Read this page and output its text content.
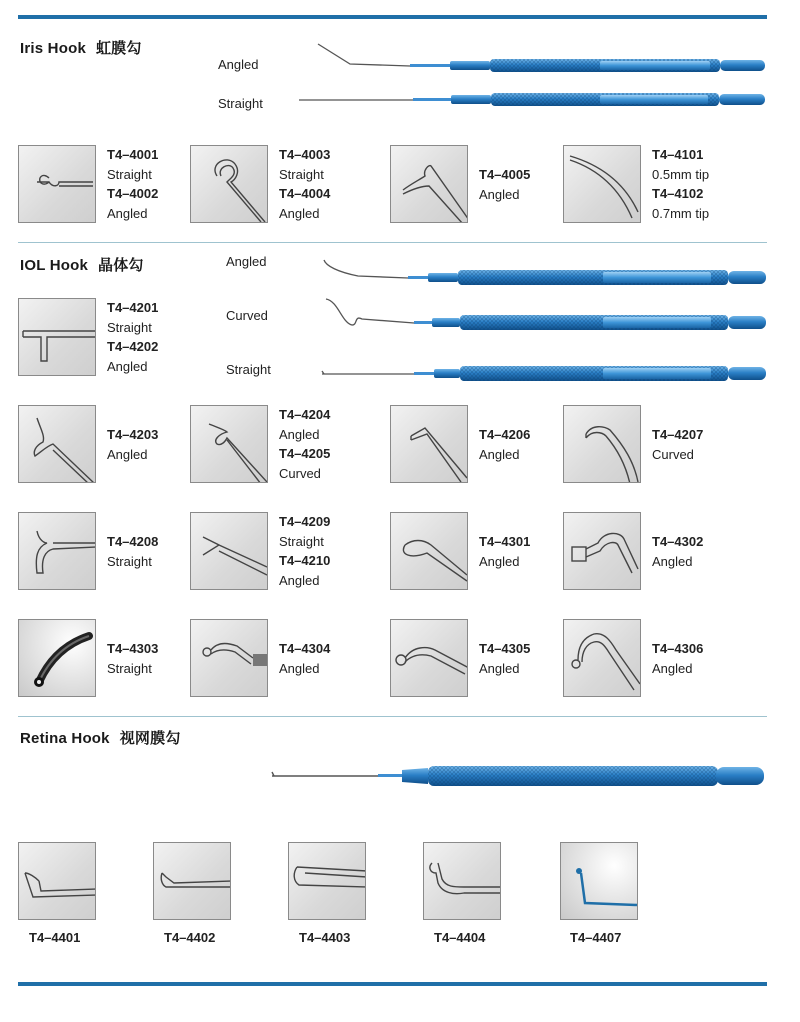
Iris Hook 虹膜勾
Angled
Straight
T4–4001
Straight
T4–4002
Angled
T4–4003
Straight
T4–4004
Angled
T4–4005
Angled
T4–4101
0.5mm tip
T4–4102
0.7mm tip
IOL Hook 晶体勾	Angled
Curved
Straight
T4–4201
Straight
T4–4202
Angled
T4–4203
Angled
T4–4204
Angled
T4–4205
Curved
T4–4206
Angled
T4–4207
Curved
T4–4208
Straight
T4–4209
Straight
T4–4210
Angled
T4–4301
Angled
T4–4302
Angled
T4–4303
Straight
T4–4304
Angled
T4–4305
Angled
T4–4306
Angled
Retina Hook 视网膜勾
T4–4401	T4–4402	T4–4403	T4–4404	T4–4407
